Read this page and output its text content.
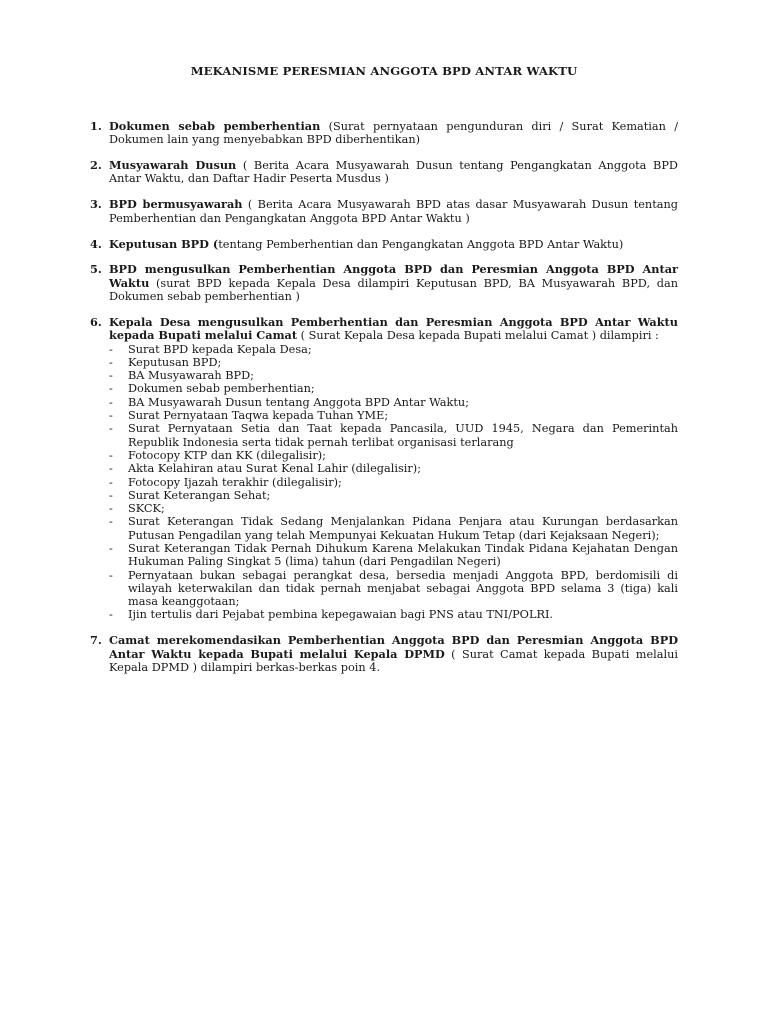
MEKANISME PERESMIAN ANGGOTA BPD ANTAR WAKTU
1. Dokumen sebab pemberhentian (Surat pernyataan pengunduran diri / Surat Kematian / Dokumen lain yang menyebabkan BPD diberhentikan)
2. Musyawarah Dusun ( Berita Acara Musyawarah Dusun tentang Pengangkatan Anggota BPD Antar Waktu, dan Daftar Hadir Peserta Musdus )
3. BPD bermusyawarah ( Berita Acara Musyawarah BPD atas dasar Musyawarah Dusun tentang Pemberhentian dan Pengangkatan Anggota BPD Antar Waktu )
4. Keputusan BPD (tentang Pemberhentian dan Pengangkatan Anggota BPD Antar Waktu)
5. BPD mengusulkan Pemberhentian Anggota BPD dan Peresmian Anggota BPD Antar Waktu (surat BPD kepada Kepala Desa dilampiri Keputusan BPD, BA Musyawarah BPD, dan Dokumen sebab pemberhentian )
6. Kepala Desa mengusulkan Pemberhentian dan Peresmian Anggota BPD Antar Waktu kepada Bupati melalui Camat ( Surat Kepala Desa kepada Bupati melalui Camat ) dilampiri :
- Surat BPD kepada Kepala Desa;
- Keputusan BPD;
- BA Musyawarah BPD;
- Dokumen sebab pemberhentian;
- BA Musyawarah Dusun tentang Anggota BPD Antar Waktu;
- Surat Pernyataan Taqwa kepada Tuhan YME;
- Surat Pernyataan Setia dan Taat kepada Pancasila, UUD 1945, Negara dan Pemerintah Republik Indonesia serta tidak pernah terlibat organisasi terlarang
- Fotocopy KTP dan KK (dilegalisir);
- Akta Kelahiran atau Surat Kenal Lahir (dilegalisir);
- Fotocopy Ijazah terakhir (dilegalisir);
- Surat Keterangan Sehat;
- SKCK;
- Surat Keterangan Tidak Sedang Menjalankan Pidana Penjara atau Kurungan berdasarkan Putusan Pengadilan yang telah Mempunyai Kekuatan Hukum Tetap (dari Kejaksaan Negeri);
- Surat Keterangan Tidak Pernah Dihukum Karena Melakukan Tindak Pidana Kejahatan Dengan Hukuman Paling Singkat 5 (lima) tahun (dari Pengadilan Negeri)
- Pernyataan bukan sebagai perangkat desa, bersedia menjadi Anggota BPD, berdomisili di wilayah keterwakilan dan tidak pernah menjabat sebagai Anggota BPD selama 3 (tiga) kali masa keanggotaan;
- Ijin tertulis dari Pejabat pembina kepegawaian bagi PNS atau TNI/POLRI.
7. Camat merekomendasikan Pemberhentian Anggota BPD dan Peresmian Anggota BPD Antar Waktu kepada Bupati melalui Kepala DPMD ( Surat Camat kepada Bupati melalui Kepala DPMD ) dilampiri berkas-berkas poin 4.
